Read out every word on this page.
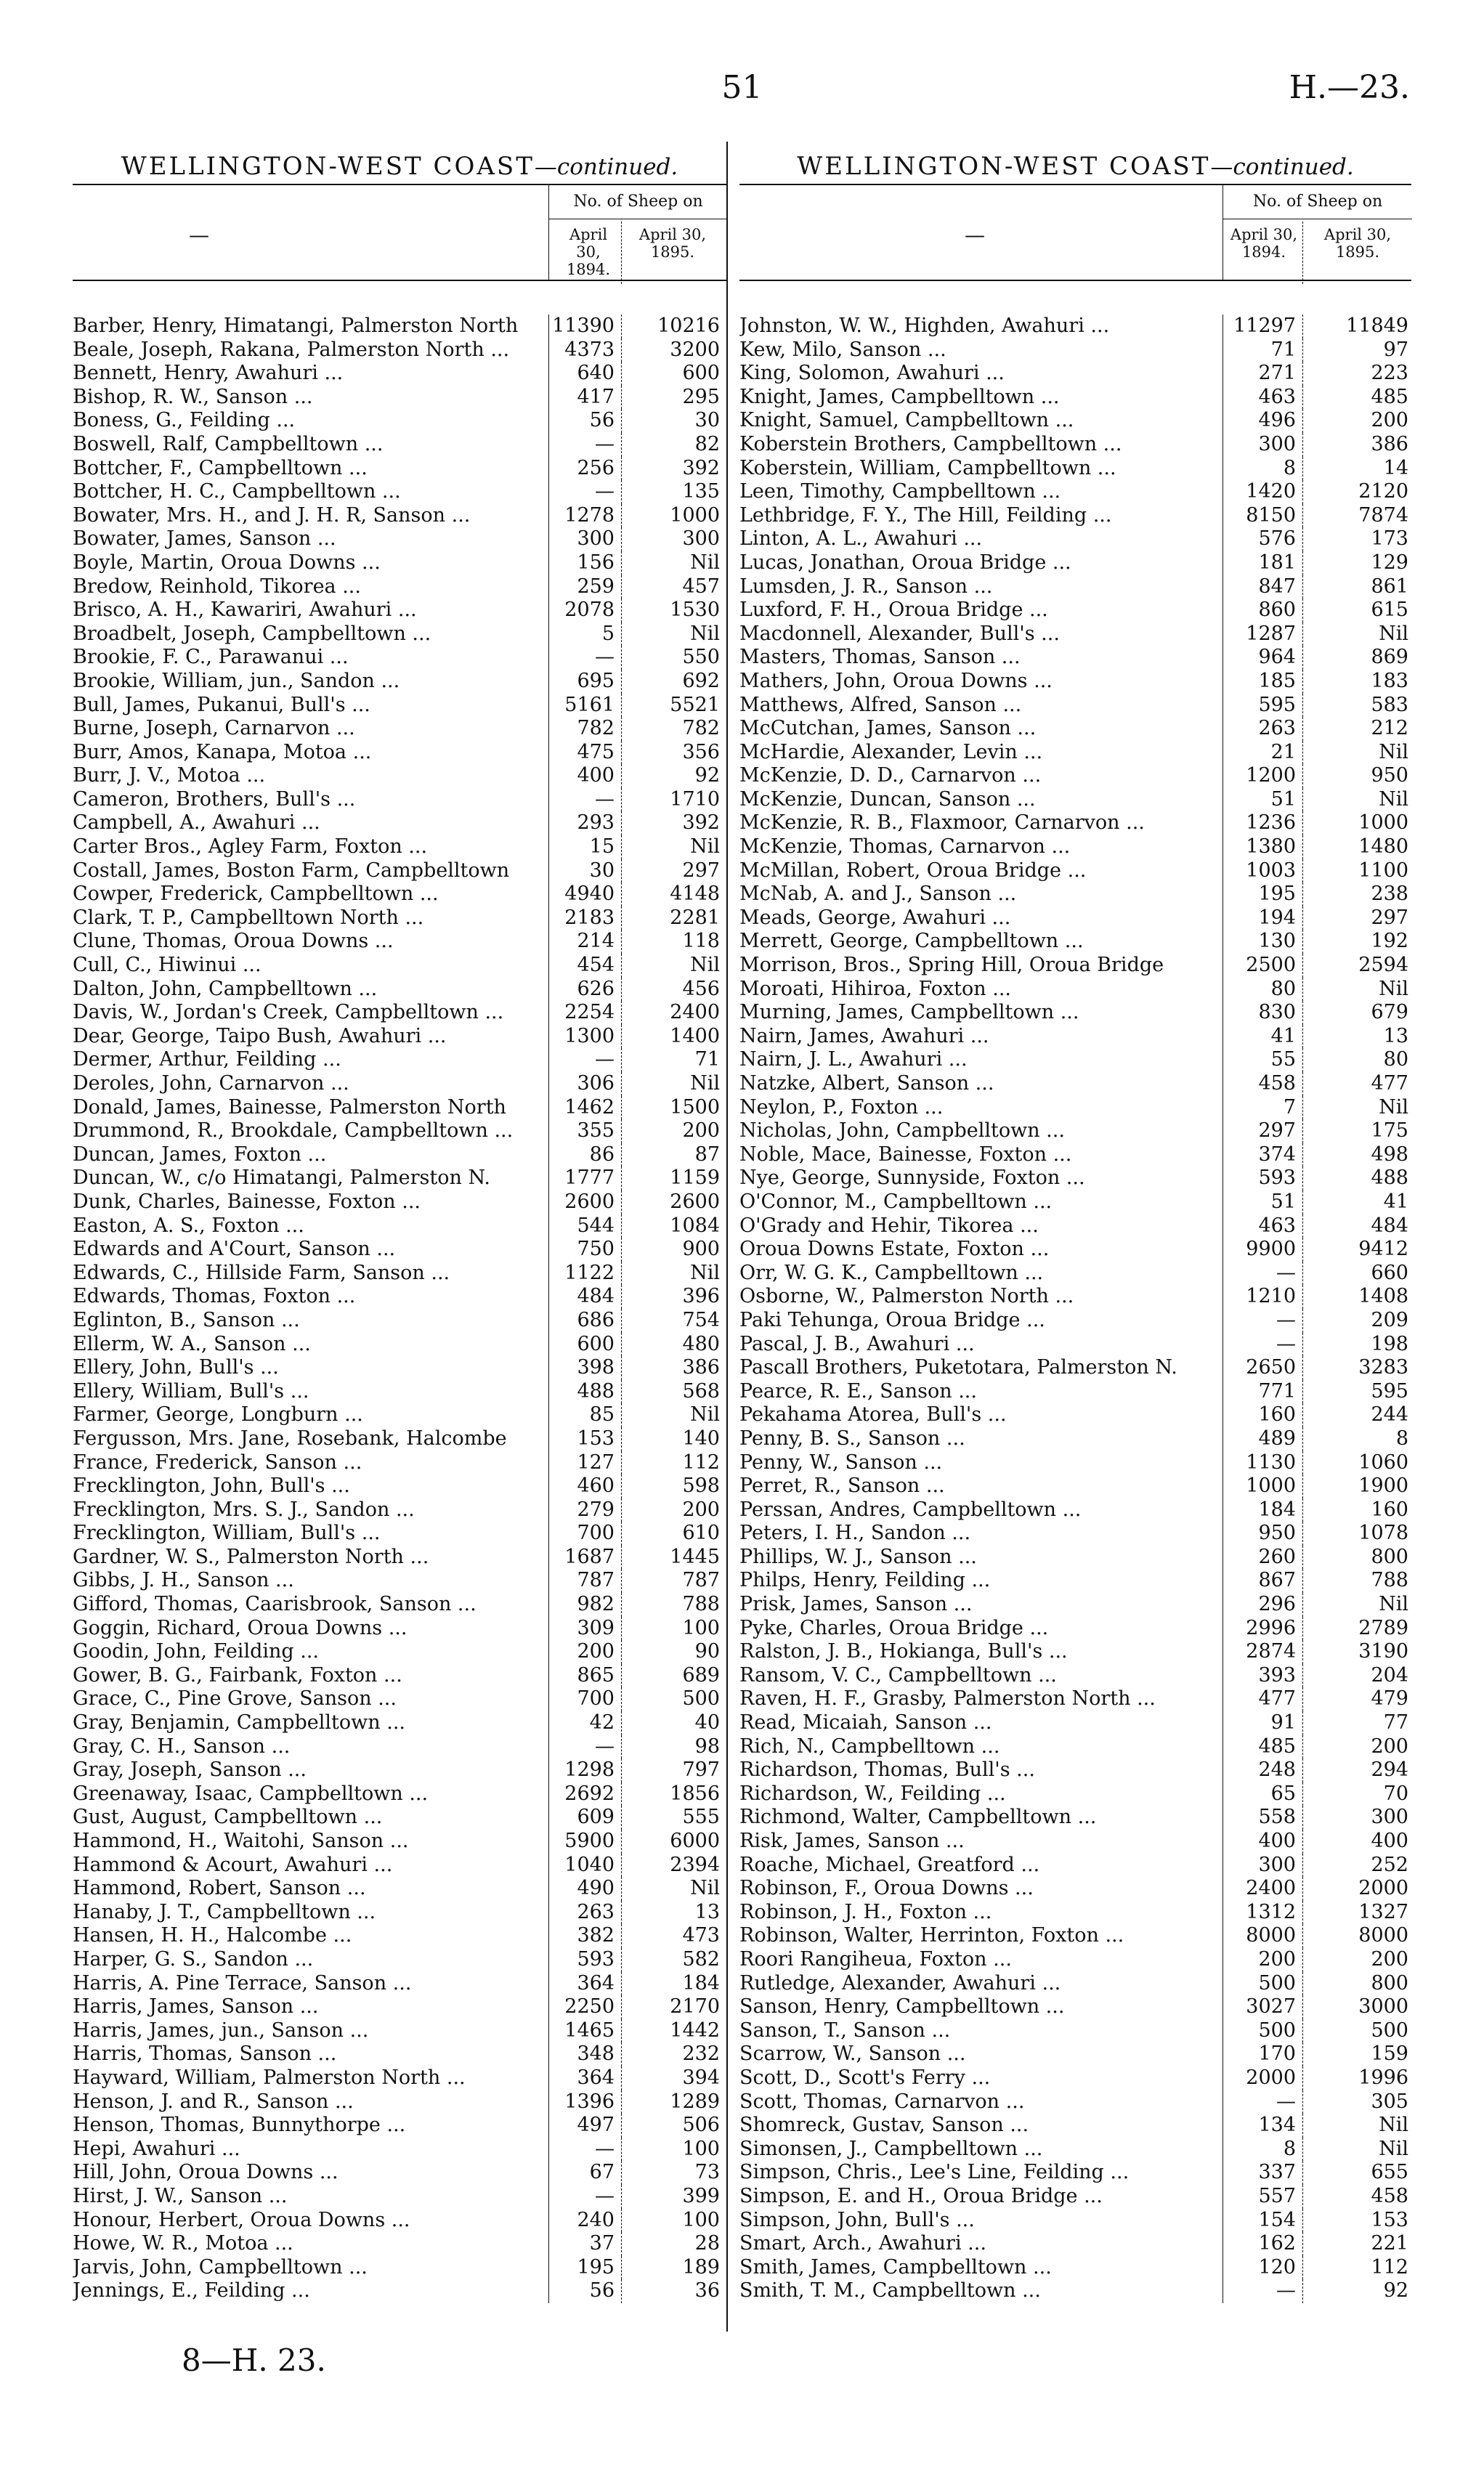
51	H.—23.
WELLINGTON-WEST COAST—continued.
—
No. of Sheep on
April 30, 1894.
April 30, 1895.
Barber, Henry, Himatangi, Palmerston North	11390	10216
Beale, Joseph, Rakana, Palmerston North ...	4373	3200
Bennett, Henry, Awahuri ...	640	600
Bishop, R. W., Sanson ...	417	295
Boness, G., Feilding ...	56	30
Boswell, Ralf, Campbelltown ...	—	82
Bottcher, F., Campbelltown ...	256	392
Bottcher, H. C., Campbelltown ...	—	135
Bowater, Mrs. H., and J. H. R, Sanson ...	1278	1000
Bowater, James, Sanson ...	300	300
Boyle, Martin, Oroua Downs ...	156	Nil
Bredow, Reinhold, Tikorea ...	259	457
Brisco, A. H., Kawariri, Awahuri ...	2078	1530
Broadbelt, Joseph, Campbelltown ...	5	Nil
Brookie, F. C., Parawanui ...	—	550
Brookie, William, jun., Sandon ...	695	692
Bull, James, Pukanui, Bull's ...	5161	5521
Burne, Joseph, Carnarvon ...	782	782
Burr, Amos, Kanapa, Motoa ...	475	356
Burr, J. V., Motoa ...	400	92
Cameron, Brothers, Bull's ...	—	1710
Campbell, A., Awahuri ...	293	392
Carter Bros., Agley Farm, Foxton ...	15	Nil
Costall, James, Boston Farm, Campbelltown	30	297
Cowper, Frederick, Campbelltown ...	4940	4148
Clark, T. P., Campbelltown North ...	2183	2281
Clune, Thomas, Oroua Downs ...	214	118
Cull, C., Hiwinui ...	454	Nil
Dalton, John, Campbelltown ...	626	456
Davis, W., Jordan's Creek, Campbelltown ...	2254	2400
Dear, George, Taipo Bush, Awahuri ...	1300	1400
Dermer, Arthur, Feilding ...	—	71
Deroles, John, Carnarvon ...	306	Nil
Donald, James, Bainesse, Palmerston North	1462	1500
Drummond, R., Brookdale, Campbelltown ...	355	200
Duncan, James, Foxton ...	86	87
Duncan, W., c/o Himatangi, Palmerston N.	1777	1159
Dunk, Charles, Bainesse, Foxton ...	2600	2600
Easton, A. S., Foxton ...	544	1084
Edwards and A'Court, Sanson ...	750	900
Edwards, C., Hillside Farm, Sanson ...	1122	Nil
Edwards, Thomas, Foxton ...	484	396
Eglinton, B., Sanson ...	686	754
Ellerm, W. A., Sanson ...	600	480
Ellery, John, Bull's ...	398	386
Ellery, William, Bull's ...	488	568
Farmer, George, Longburn ...	85	Nil
Fergusson, Mrs. Jane, Rosebank, Halcombe	153	140
France, Frederick, Sanson ...	127	112
Frecklington, John, Bull's ...	460	598
Frecklington, Mrs. S. J., Sandon ...	279	200
Frecklington, William, Bull's ...	700	610
Gardner, W. S., Palmerston North ...	1687	1445
Gibbs, J. H., Sanson ...	787	787
Gifford, Thomas, Caarisbrook, Sanson ...	982	788
Goggin, Richard, Oroua Downs ...	309	100
Goodin, John, Feilding ...	200	90
Gower, B. G., Fairbank, Foxton ...	865	689
Grace, C., Pine Grove, Sanson ...	700	500
Gray, Benjamin, Campbelltown ...	42	40
Gray, C. H., Sanson ...	—	98
Gray, Joseph, Sanson ...	1298	797
Greenaway, Isaac, Campbelltown ...	2692	1856
Gust, August, Campbelltown ...	609	555
Hammond, H., Waitohi, Sanson ...	5900	6000
Hammond & Acourt, Awahuri ...	1040	2394
Hammond, Robert, Sanson ...	490	Nil
Hanaby, J. T., Campbelltown ...	263	13
Hansen, H. H., Halcombe ...	382	473
Harper, G. S., Sandon ...	593	582
Harris, A. Pine Terrace, Sanson ...	364	184
Harris, James, Sanson ...	2250	2170
Harris, James, jun., Sanson ...	1465	1442
Harris, Thomas, Sanson ...	348	232
Hayward, William, Palmerston North ...	364	394
Henson, J. and R., Sanson ...	1396	1289
Henson, Thomas, Bunnythorpe ...	497	506
Hepi, Awahuri ...	—	100
Hill, John, Oroua Downs ...	67	73
Hirst, J. W., Sanson ...	—	399
Honour, Herbert, Oroua Downs ...	240	100
Howe, W. R., Motoa ...	37	28
Jarvis, John, Campbelltown ...	195	189
Jennings, E., Feilding ...	56	36
WELLINGTON-WEST COAST—continued.
—
No. of Sheep on
April 30, 1894.
April 30, 1895.
Johnston, W. W., Highden, Awahuri ...	11297	11849
Kew, Milo, Sanson ...	71	97
King, Solomon, Awahuri ...	271	223
Knight, James, Campbelltown ...	463	485
Knight, Samuel, Campbelltown ...	496	200
Koberstein Brothers, Campbelltown ...	300	386
Koberstein, William, Campbelltown ...	8	14
Leen, Timothy, Campbelltown ...	1420	2120
Lethbridge, F. Y., The Hill, Feilding ...	8150	7874
Linton, A. L., Awahuri ...	576	173
Lucas, Jonathan, Oroua Bridge ...	181	129
Lumsden, J. R., Sanson ...	847	861
Luxford, F. H., Oroua Bridge ...	860	615
Macdonnell, Alexander, Bull's ...	1287	Nil
Masters, Thomas, Sanson ...	964	869
Mathers, John, Oroua Downs ...	185	183
Matthews, Alfred, Sanson ...	595	583
McCutchan, James, Sanson ...	263	212
McHardie, Alexander, Levin ...	21	Nil
McKenzie, D. D., Carnarvon ...	1200	950
McKenzie, Duncan, Sanson ...	51	Nil
McKenzie, R. B., Flaxmoor, Carnarvon ...	1236	1000
McKenzie, Thomas, Carnarvon ...	1380	1480
McMillan, Robert, Oroua Bridge ...	1003	1100
McNab, A. and J., Sanson ...	195	238
Meads, George, Awahuri ...	194	297
Merrett, George, Campbelltown ...	130	192
Morrison, Bros., Spring Hill, Oroua Bridge	2500	2594
Moroati, Hihiroa, Foxton ...	80	Nil
Murning, James, Campbelltown ...	830	679
Nairn, James, Awahuri ...	41	13
Nairn, J. L., Awahuri ...	55	80
Natzke, Albert, Sanson ...	458	477
Neylon, P., Foxton ...	7	Nil
Nicholas, John, Campbelltown ...	297	175
Noble, Mace, Bainesse, Foxton ...	374	498
Nye, George, Sunnyside, Foxton ...	593	488
O'Connor, M., Campbelltown ...	51	41
O'Grady and Hehir, Tikorea ...	463	484
Oroua Downs Estate, Foxton ...	9900	9412
Orr, W. G. K., Campbelltown ...	—	660
Osborne, W., Palmerston North ...	1210	1408
Paki Tehunga, Oroua Bridge ...	—	209
Pascal, J. B., Awahuri ...	—	198
Pascall Brothers, Puketotara, Palmerston N.	2650	3283
Pearce, R. E., Sanson ...	771	595
Pekahama Atorea, Bull's ...	160	244
Penny, B. S., Sanson ...	489	8
Penny, W., Sanson ...	1130	1060
Perret, R., Sanson ...	1000	1900
Perssan, Andres, Campbelltown ...	184	160
Peters, I. H., Sandon ...	950	1078
Phillips, W. J., Sanson ...	260	800
Philps, Henry, Feilding ...	867	788
Prisk, James, Sanson ...	296	Nil
Pyke, Charles, Oroua Bridge ...	2996	2789
Ralston, J. B., Hokianga, Bull's ...	2874	3190
Ransom, V. C., Campbelltown ...	393	204
Raven, H. F., Grasby, Palmerston North ...	477	479
Read, Micaiah, Sanson ...	91	77
Rich, N., Campbelltown ...	485	200
Richardson, Thomas, Bull's ...	248	294
Richardson, W., Feilding ...	65	70
Richmond, Walter, Campbelltown ...	558	300
Risk, James, Sanson ...	400	400
Roache, Michael, Greatford ...	300	252
Robinson, F., Oroua Downs ...	2400	2000
Robinson, J. H., Foxton ...	1312	1327
Robinson, Walter, Herrinton, Foxton ...	8000	8000
Roori Rangiheua, Foxton ...	200	200
Rutledge, Alexander, Awahuri ...	500	800
Sanson, Henry, Campbelltown ...	3027	3000
Sanson, T., Sanson ...	500	500
Scarrow, W., Sanson ...	170	159
Scott, D., Scott's Ferry ...	2000	1996
Scott, Thomas, Carnarvon ...	—	305
Shomreck, Gustav, Sanson ...	134	Nil
Simonsen, J., Campbelltown ...	8	Nil
Simpson, Chris., Lee's Line, Feilding ...	337	655
Simpson, E. and H., Oroua Bridge ...	557	458
Simpson, John, Bull's ...	154	153
Smart, Arch., Awahuri ...	162	221
Smith, James, Campbelltown ...	120	112
Smith, T. M., Campbelltown ...	—	92
8—H. 23.
